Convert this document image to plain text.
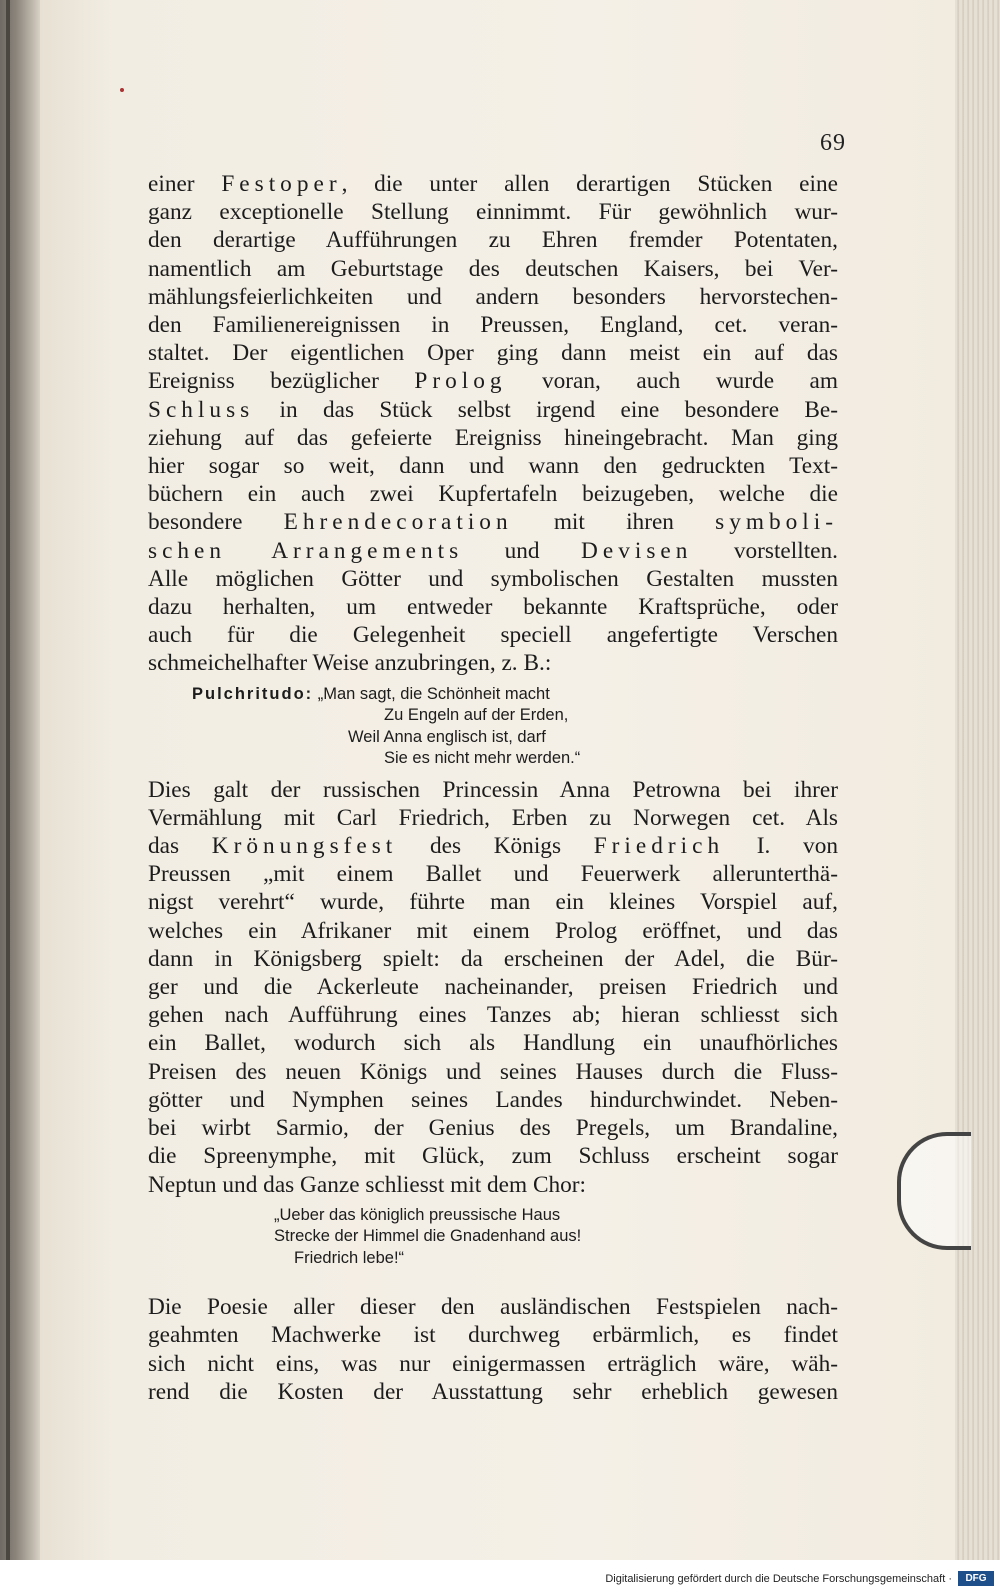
69
einer Festoper, die unter allen derartigen Stücken eine
ganz exceptionelle Stellung einnimmt. Für gewöhnlich wur-
den derartige Aufführungen zu Ehren fremder Potentaten,
namentlich am Geburtstage des deutschen Kaisers, bei Ver-
mählungsfeierlichkeiten und andern besonders hervorstechen-
den Familienereignissen in Preussen, England, cet. veran-
staltet. Der eigentlichen Oper ging dann meist ein auf das
Ereigniss bezüglicher Prolog voran, auch wurde am
Schluss in das Stück selbst irgend eine besondere Be-
ziehung auf das gefeierte Ereigniss hineingebracht. Man ging
hier sogar so weit, dann und wann den gedruckten Text-
büchern ein auch zwei Kupfertafeln beizugeben, welche die
besondere Ehrendecoration mit ihren symboli-
schen Arrangements und Devisen vorstellten.
Alle möglichen Götter und symbolischen Gestalten mussten
dazu herhalten, um entweder bekannte Kraftsprüche, oder
auch für die Gelegenheit speciell angefertigte Verschen
schmeichelhafter Weise anzubringen, z. B.:
Pulchritudo: „Man sagt, die Schönheit macht
Zu Engeln auf der Erden,
Weil Anna englisch ist, darf
Sie es nicht mehr werden.“
Dies galt der russischen Princessin Anna Petrowna bei ihrer
Vermählung mit Carl Friedrich, Erben zu Norwegen cet. Als
das Krönungsfest des Königs Friedrich I. von
Preussen „mit einem Ballet und Feuerwerk allerunterthä-
nigst verehrt“ wurde, führte man ein kleines Vorspiel auf,
welches ein Afrikaner mit einem Prolog eröffnet, und das
dann in Königsberg spielt: da erscheinen der Adel, die Bür-
ger und die Ackerleute nacheinander, preisen Friedrich und
gehen nach Aufführung eines Tanzes ab; hieran schliesst sich
ein Ballet, wodurch sich als Handlung ein unaufhörliches
Preisen des neuen Königs und seines Hauses durch die Fluss-
götter und Nymphen seines Landes hindurchwindet. Neben-
bei wirbt Sarmio, der Genius des Pregels, um Brandaline,
die Spreenymphe, mit Glück, zum Schluss erscheint sogar
Neptun und das Ganze schliesst mit dem Chor:
„Ueber das königlich preussische Haus
Strecke der Himmel die Gnadenhand aus!
Friedrich lebe!“
Die Poesie aller dieser den ausländischen Festspielen nach-
geahmten Machwerke ist durchweg erbärmlich, es findet
sich nicht eins, was nur einigermassen erträglich wäre, wäh-
rend die Kosten der Ausstattung sehr erheblich gewesen
Digitalisierung gefördert durch die Deutsche Forschungsgemeinschaft ·	DFG
